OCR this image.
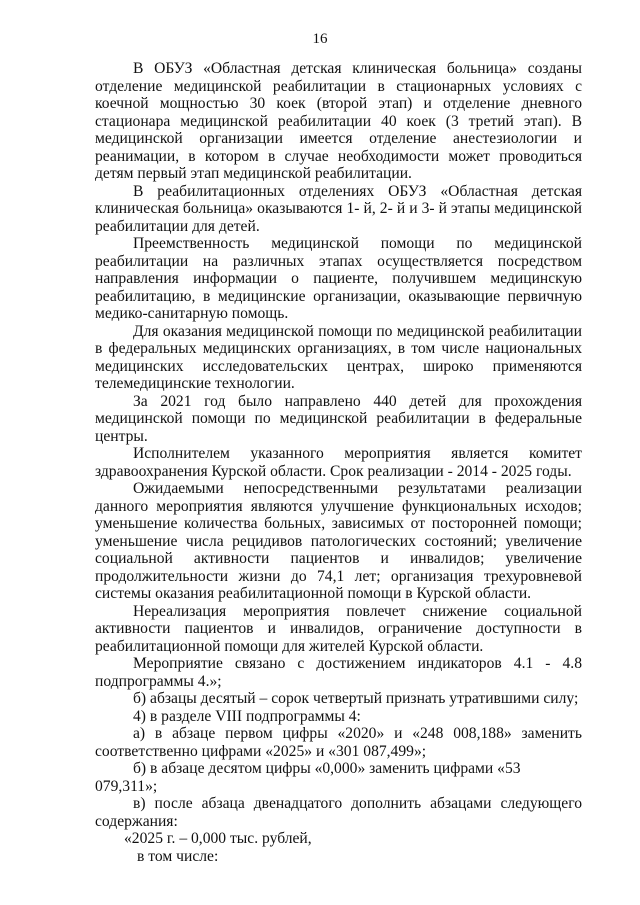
16

В ОБУЗ «Областная детская клиническая больница» созданы отделение медицинской реабилитации в стационарных условиях с коечной мощностью 30 коек (второй этап) и отделение дневного стационара медицинской реабилитации 40 коек (3 третий этап). В медицинской организации имеется отделение анестезиологии и реанимации, в котором в случае необходимости может проводиться детям первый этап медицинской реабилитации.

В реабилитационных отделениях ОБУЗ «Областная детская клиническая больница» оказываются 1- й, 2- й и 3- й этапы медицинской реабилитации для детей.

Преемственность медицинской помощи по медицинской реабилитации на различных этапах осуществляется посредством направления информации о пациенте, получившем медицинскую реабилитацию, в медицинские организации, оказывающие первичную медико-санитарную помощь.

Для оказания медицинской помощи по медицинской реабилитации в федеральных медицинских организациях, в том числе национальных медицинских исследовательских центрах, широко применяются телемедицинские технологии.

За 2021 год было направлено 440 детей для прохождения медицинской помощи по медицинской реабилитации в федеральные центры.

Исполнителем указанного мероприятия является комитет здравоохранения Курской области. Срок реализации - 2014 - 2025 годы.

Ожидаемыми непосредственными результатами реализации данного мероприятия являются улучшение функциональных исходов; уменьшение количества больных, зависимых от посторонней помощи; уменьшение числа рецидивов патологических состояний; увеличение социальной активности пациентов и инвалидов; увеличение продолжительности жизни до 74,1 лет; организация трехуровневой системы оказания реабилитационной помощи в Курской области.

Нереализация мероприятия повлечет снижение социальной активности пациентов и инвалидов, ограничение доступности в реабилитационной помощи для жителей Курской области.

Мероприятие связано с достижением индикаторов 4.1 - 4.8 подпрограммы 4.»;

б) абзацы десятый – сорок четвертый признать утратившими силу;

4) в разделе VIII подпрограммы 4:

а) в абзаце первом цифры «2020» и «248 008,188» заменить соответственно цифрами «2025» и «301 087,499»;

б) в абзаце десятом цифры «0,000» заменить цифрами «53 079,311»;

в) после абзаца двенадцатого дополнить абзацами следующего содержания:

«2025 г. – 0,000 тыс. рублей,

в том числе:
